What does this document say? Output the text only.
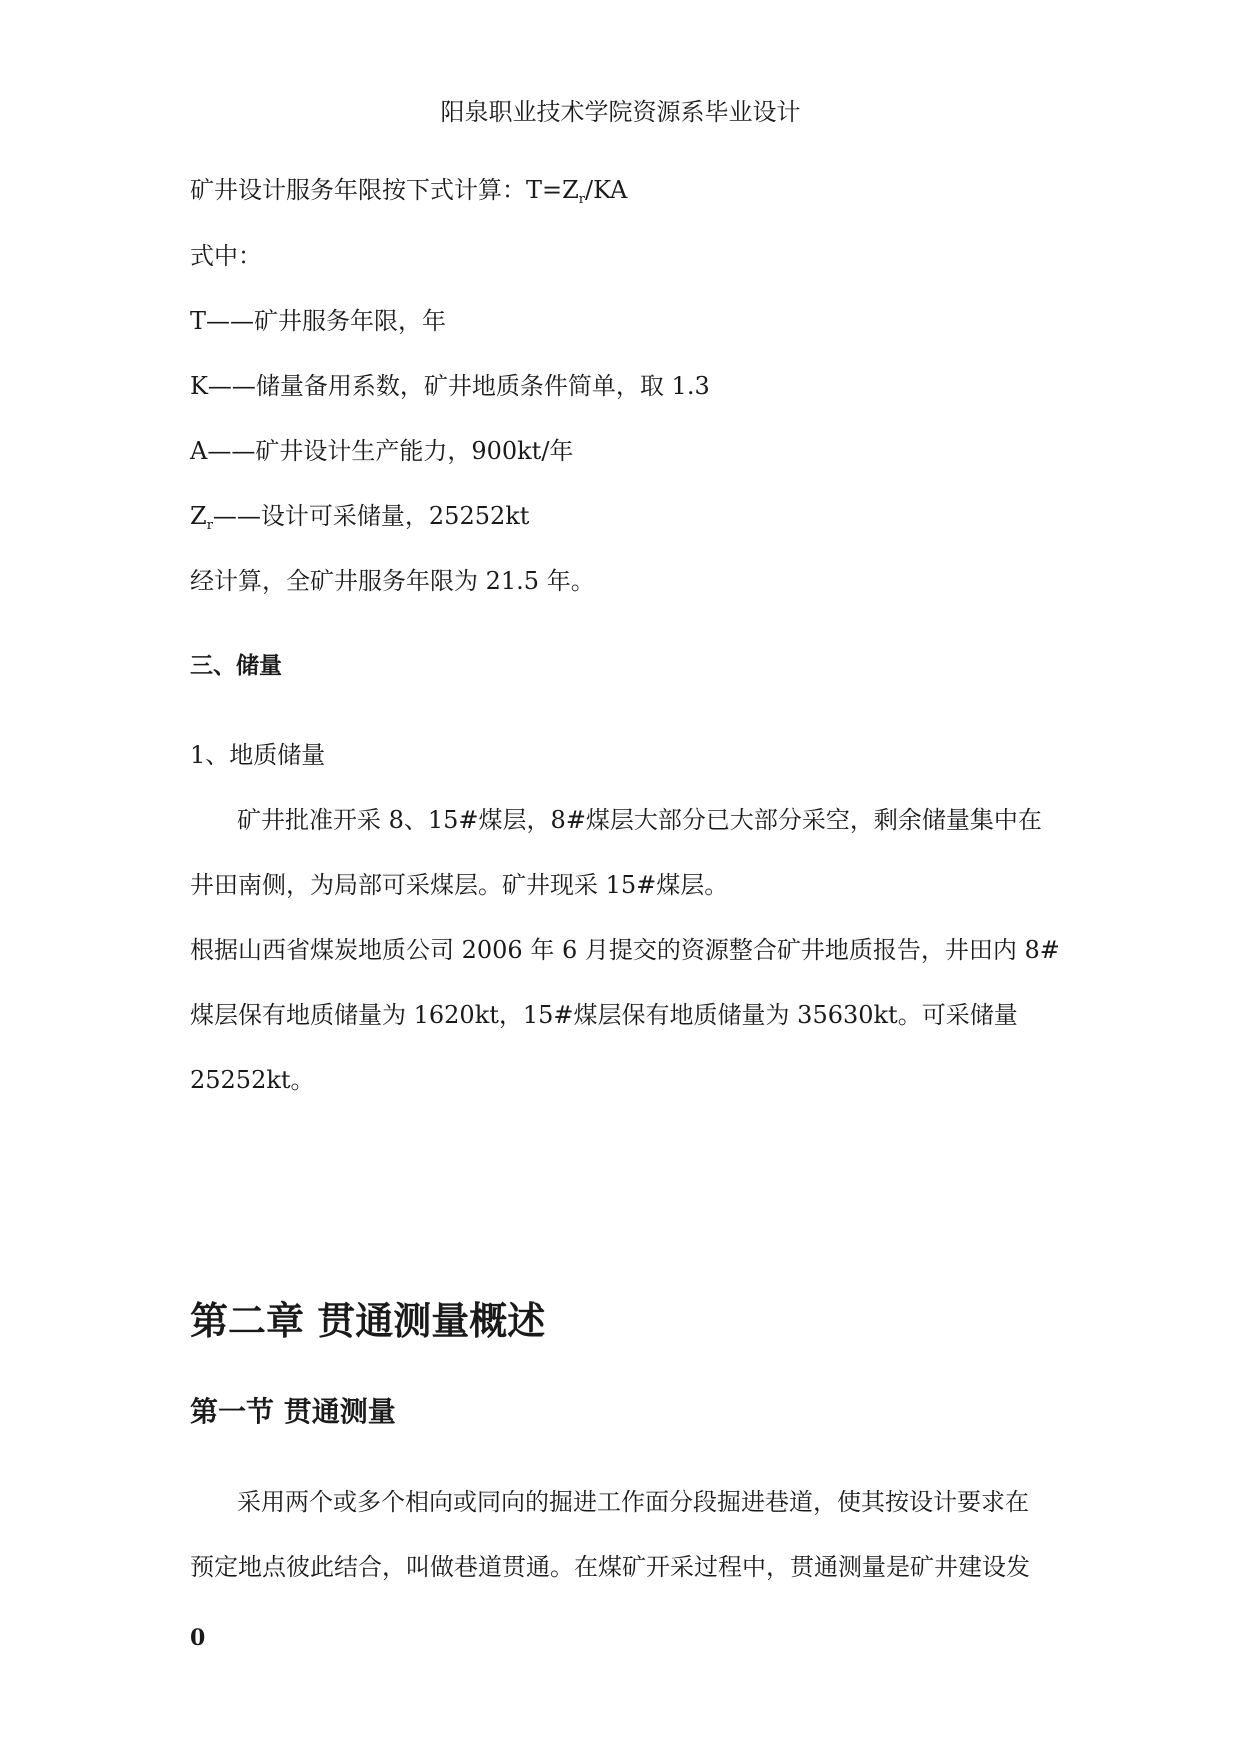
阳泉职业技术学院资源系毕业设计
矿井设计服务年限按下式计算：$T=Z_r/KA$
式中：
T——矿井服务年限，年
K——储量备用系数，矿井地质条件简单，取 1.3
A——矿井设计生产能力，900kt/年
$Z_r——$设计可采储量，25252kt
经计算，全矿井服务年限为 21.5 年。
三、储量
1、地质储量
矿井批准开采 8、15#煤层，8#煤层大部分已大部分采空，剩余储量集中在
井田南侧，为局部可采煤层。矿井现采 15#煤层。
根据山西省煤炭地质公司 2006 年 6 月提交的资源整合矿井地质报告，井田内 8#
煤层保有地质储量为 1620kt，15#煤层保有地质储量为 35630kt。可采储量
25252kt。
第二章 贯通测量概述
第一节 贯通测量
采用两个或多个相向或同向的掘进工作面分段掘进巷道，使其按设计要求在
预定地点彼此结合，叫做巷道贯通。在煤矿开采过程中，贯通测量是矿井建设发
0
